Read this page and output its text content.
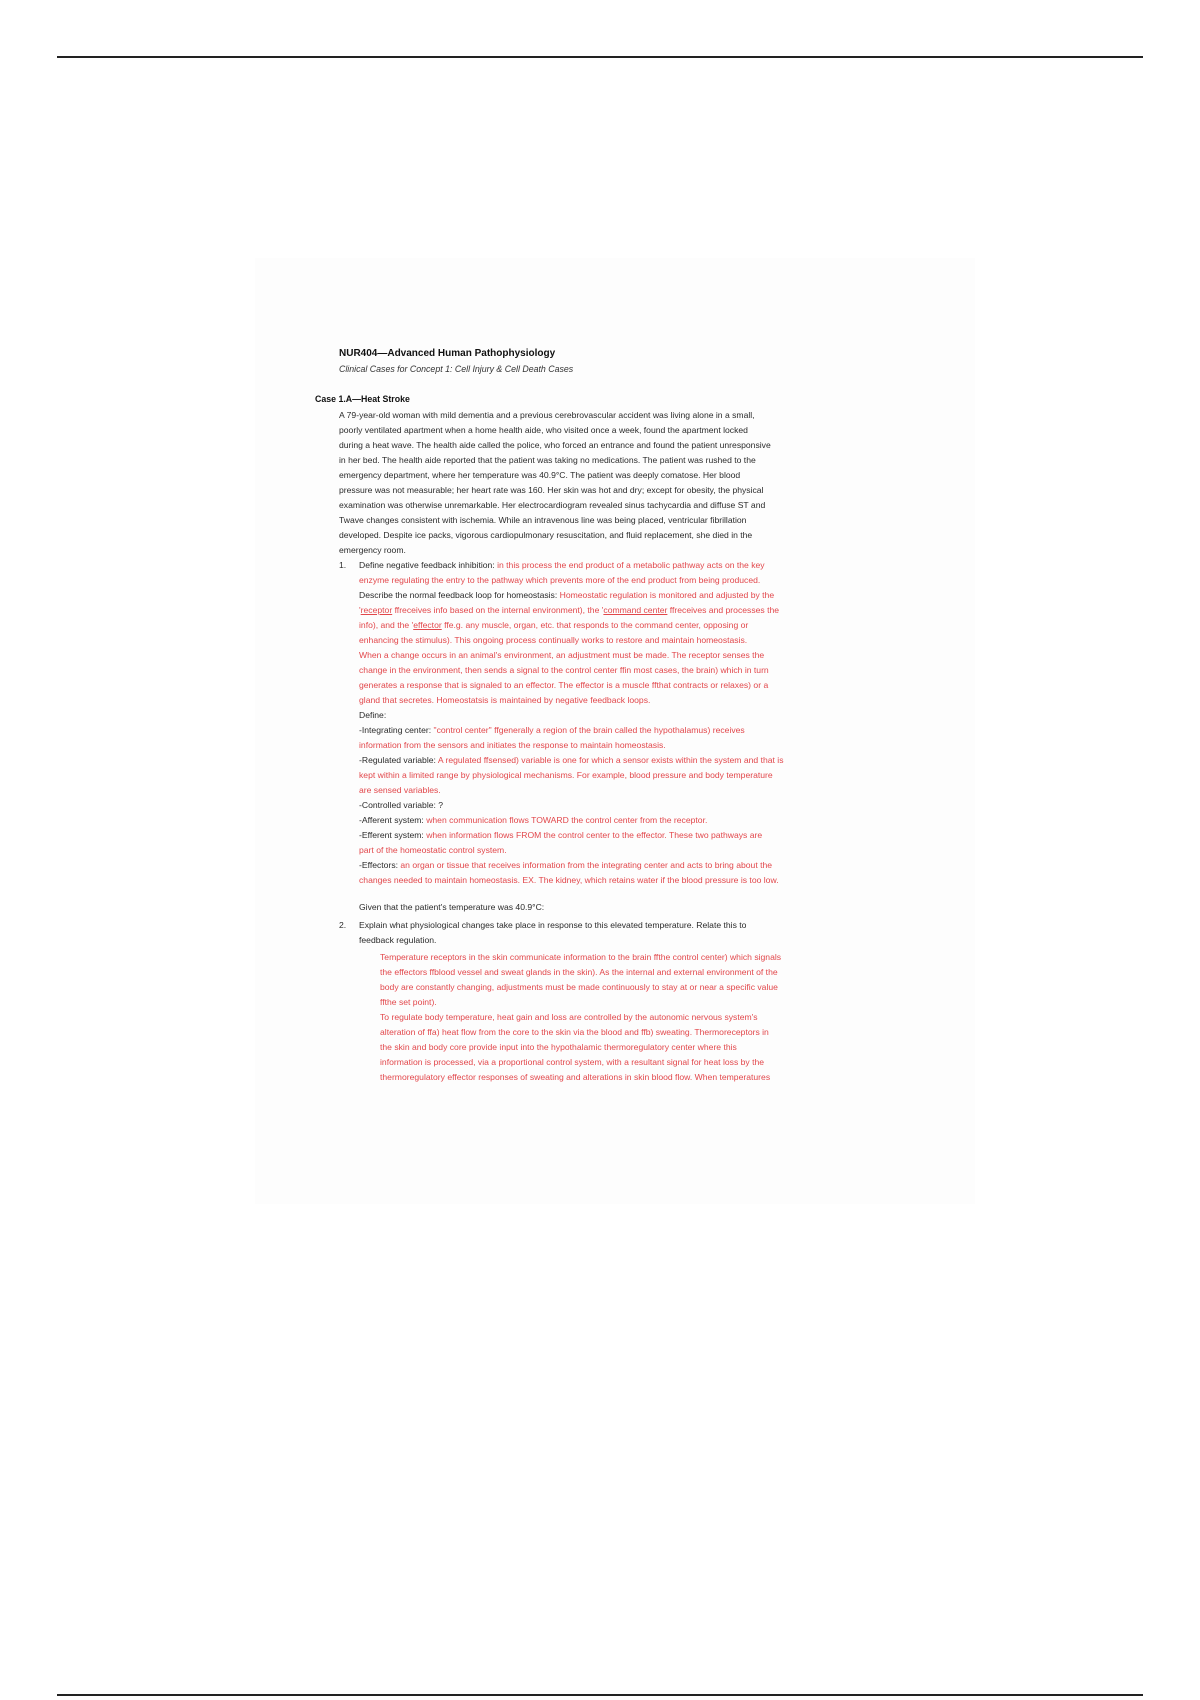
NUR404—Advanced Human Pathophysiology
Clinical Cases for Concept 1: Cell Injury & Cell Death Cases
Case 1.A—Heat Stroke
A 79-year-old woman with mild dementia and a previous cerebrovascular accident was living alone in a small,
poorly ventilated apartment when a home health aide, who visited once a week, found the apartment locked
during a heat wave. The health aide called the police, who forced an entrance and found the patient unresponsive
in her bed. The health aide reported that the patient was taking no medications. The patient was rushed to the
emergency department, where her temperature was 40.9°C. The patient was deeply comatose. Her blood
pressure was not measurable; her heart rate was 160. Her skin was hot and dry; except for obesity, the physical
examination was otherwise unremarkable. Her electrocardiogram revealed sinus tachycardia and diffuse ST and
Twave changes consistent with ischemia. While an intravenous line was being placed, ventricular fibrillation
developed. Despite ice packs, vigorous cardiopulmonary resuscitation, and fluid replacement, she died in the
emergency room.
1. Define negative feedback inhibition: in this process the end product of a metabolic pathway acts on the key
enzyme regulating the entry to the pathway which prevents more of the end product from being produced.
Describe the normal feedback loop for homeostasis: Homeostatic regulation is monitored and adjusted by the
'receptor ffreceives info based on the internal environment), the 'command center ffreceives and processes the
info), and the 'effector ffe.g. any muscle, organ, etc. that responds to the command center, opposing or
enhancing the stimulus). This ongoing process continually works to restore and maintain homeostasis.
When a change occurs in an animal's environment, an adjustment must be made. The receptor senses the
change in the environment, then sends a signal to the control center ffin most cases, the brain) which in turn
generates a response that is signaled to an effector. The effector is a muscle ffthat contracts or relaxes) or a
gland that secretes. Homeostatsis is maintained by negative feedback loops.
Define:
-Integrating center: "control center" ffgenerally a region of the brain called the hypothalamus) receives
information from the sensors and initiates the response to maintain homeostasis.
-Regulated variable: A regulated ffsensed) variable is one for which a sensor exists within the system and that is
kept within a limited range by physiological mechanisms. For example, blood pressure and body temperature
are sensed variables.
-Controlled variable: ?
-Afferent system: when communication flows TOWARD the control center from the receptor.
-Efferent system: when information flows FROM the control center to the effector. These two pathways are
part of the homeostatic control system.
-Effectors: an organ or tissue that receives information from the integrating center and acts to bring about the
changes needed to maintain homeostasis. EX. The kidney, which retains water if the blood pressure is too low.
Given that the patient's temperature was 40.9°C:
2. Explain what physiological changes take place in response to this elevated temperature. Relate this to
feedback regulation.
Temperature receptors in the skin communicate information to the brain ffthe control center) which signals
the effectors ffblood vessel and sweat glands in the skin). As the internal and external environment of the
body are constantly changing, adjustments must be made continuously to stay at or near a specific value
ffthe set point).
To regulate body temperature, heat gain and loss are controlled by the autonomic nervous system's
alteration of ffa) heat flow from the core to the skin via the blood and ffb) sweating. Thermoreceptors in
the skin and body core provide input into the hypothalamic thermoregulatory center where this
information is processed, via a proportional control system, with a resultant signal for heat loss by the
thermoregulatory effector responses of sweating and alterations in skin blood flow. When temperatures
